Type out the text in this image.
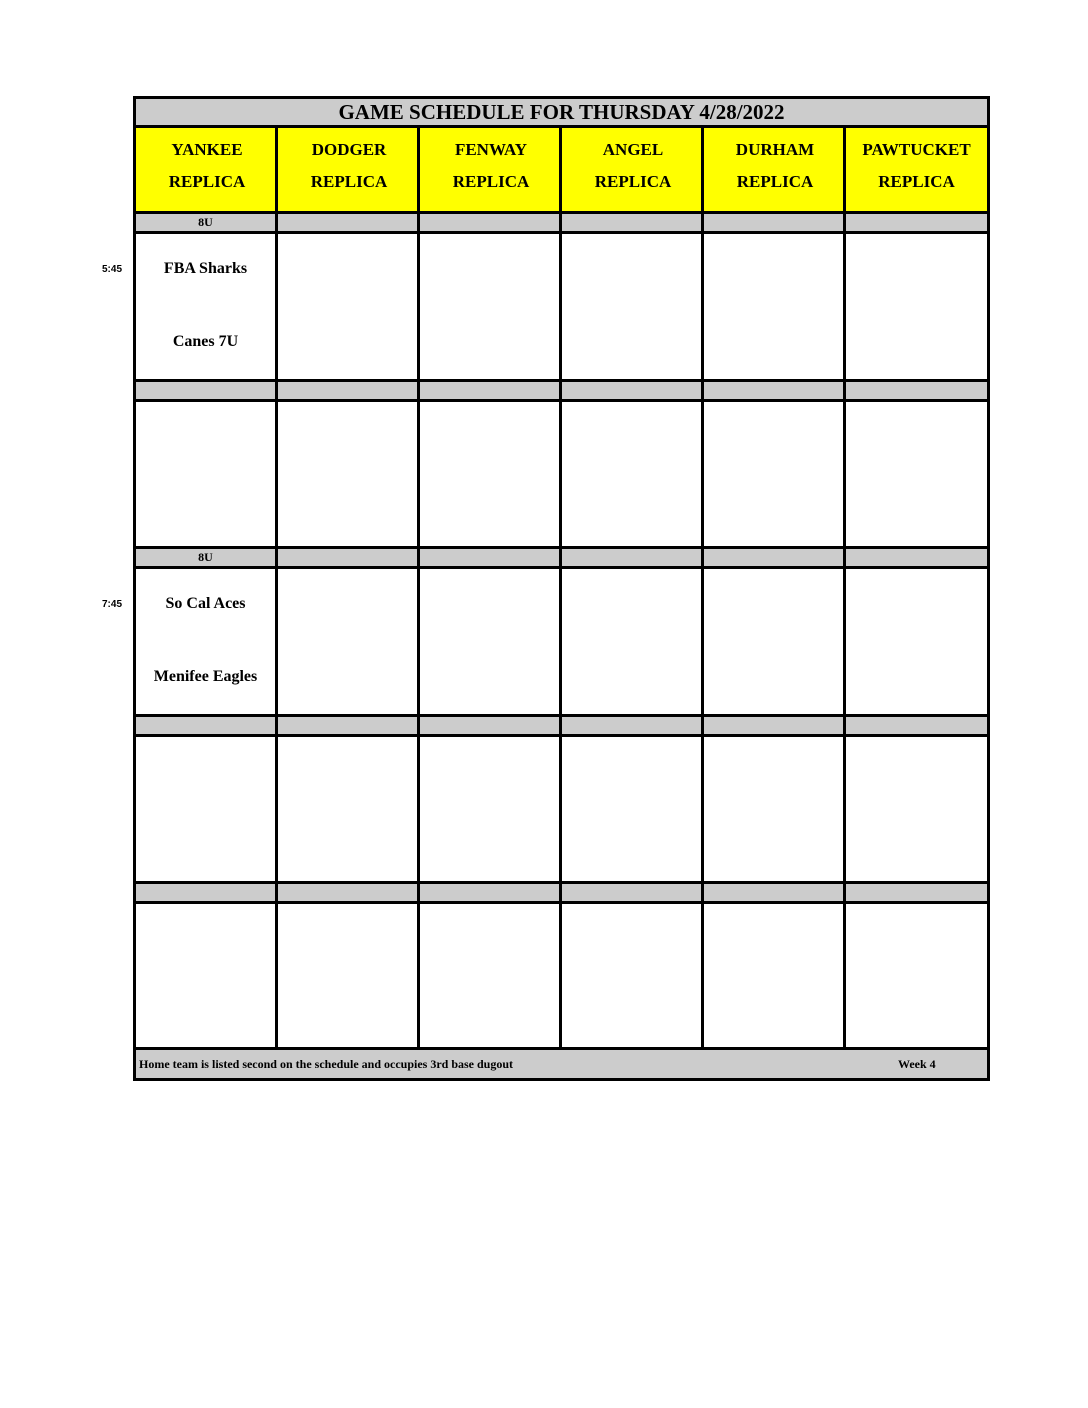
5:45
7:45
GAME SCHEDULE FOR THURSDAY 4/28/2022
YANKEE
REPLICA
DODGER
REPLICA
FENWAY
REPLICA
ANGEL
REPLICA
DURHAM
REPLICA
PAWTUCKET
REPLICA
8U
8U
FBA Sharks
Canes 7U
So Cal Aces
Menifee Eagles
Home team is listed second on the schedule and occupies 3rd base dugout	Week 4
